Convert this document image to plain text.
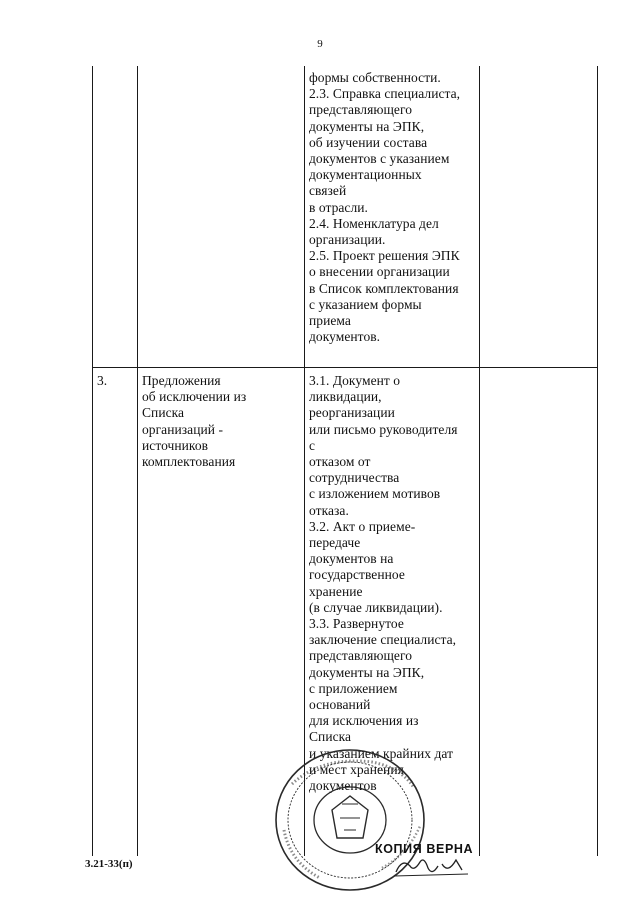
9
формы собственности.
2.3. Справка специалиста,
представляющего
документы на ЭПК,
об изучении состава
документов с указанием
документационных
связей
в отрасли.
2.4. Номенклатура дел
организации.
2.5. Проект решения ЭПК
о внесении организации
в Список комплектования
с указанием формы
приема
документов.
3.	Предложения
об исключении из
Списка
организаций -
источников
комплектования
3.1. Документ о
ликвидации,
реорганизации
или письмо руководителя
с
отказом от
сотрудничества
с изложением мотивов
отказа.
3.2. Акт о приеме-
передаче
документов на
государственное
хранение
(в случае ликвидации).
3.3. Развернутое
заключение специалиста,
представляющего
документы на ЭПК,
с приложением
оснований
для исключения из
Списка
и указанием крайних дат
и мест хранения
документов
КОПИЯ ВЕРНА
3.21-33(п)
